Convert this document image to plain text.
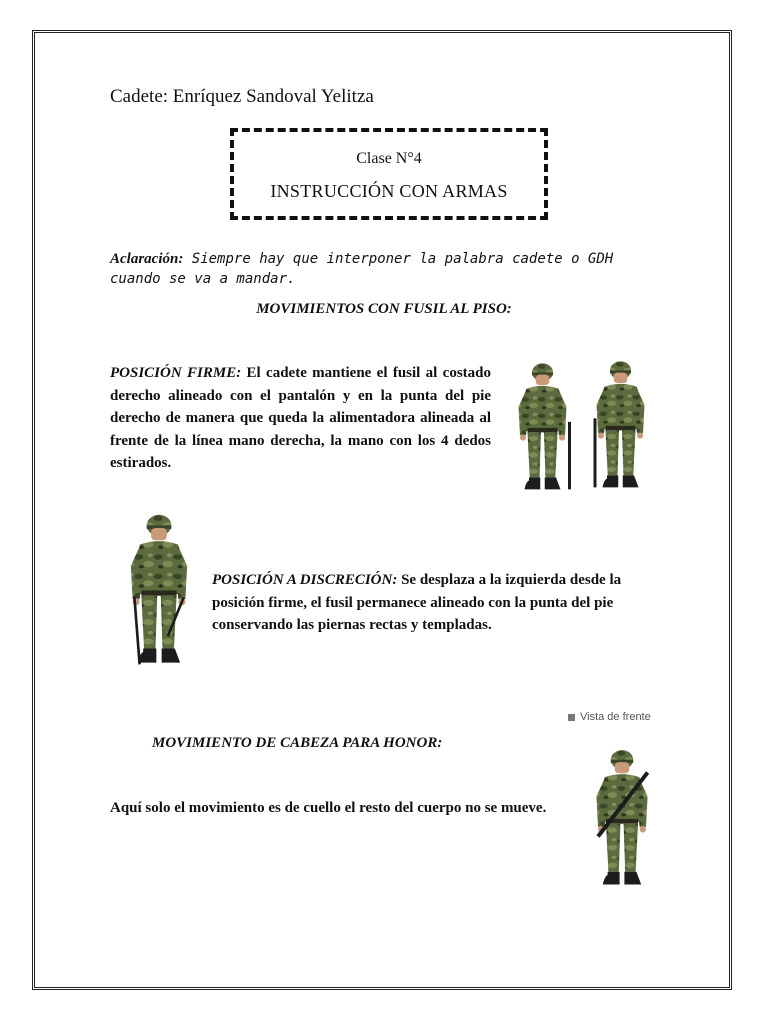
Cadete: Enríquez Sandoval Yelitza
Clase N°4
INSTRUCCIÓN CON ARMAS
Aclaración: Siempre hay que interponer la palabra cadete o GDH cuando se va a mandar.
MOVIMIENTOS CON FUSIL AL PISO:
POSICIÓN FIRME: El cadete mantiene el fusil al costado derecho alineado con el pantalón y en la punta del pie derecho de manera que queda la alimentadora alineada al frente de la línea mano derecha, la mano con los 4 dedos estirados.
POSICIÓN A DISCRECIÓN: Se desplaza a la izquierda desde la posición firme, el fusil permanece alineado con la punta del pie conservando las piernas rectas y templadas.
MOVIMIENTO DE CABEZA PARA HONOR:
Aquí solo el movimiento es de cuello el resto del cuerpo no se mueve.
Vista de frente
